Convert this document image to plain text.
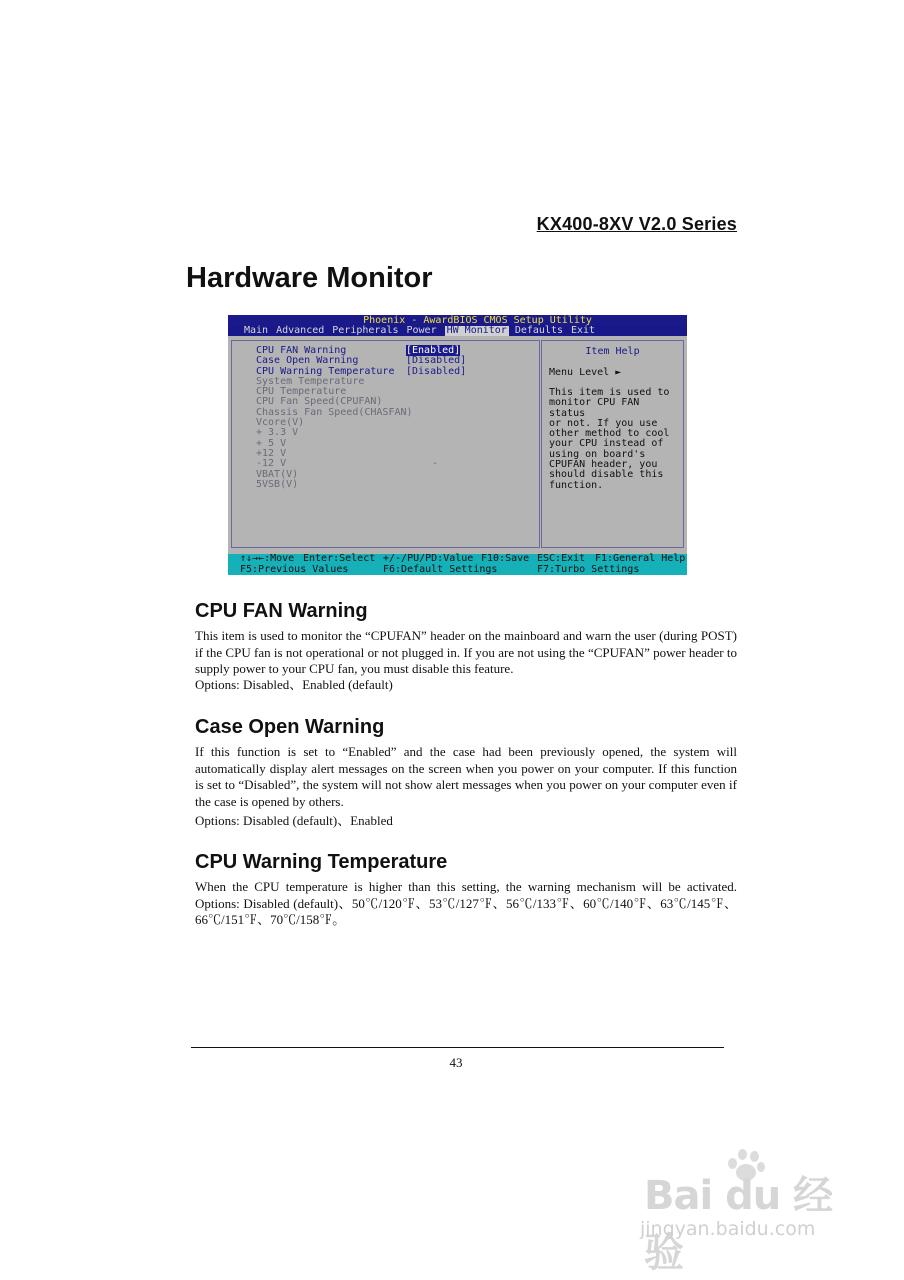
KX400-8XV V2.0 Series
Hardware Monitor
Phoenix - AwardBIOS CMOS Setup Utility
Main Advanced Peripherals Power HW Monitor Defaults Exit
CPU FAN Warning	[Enabled]
Case Open Warning	[Disabled]
CPU Warning Temperature [Disabled]
System Temperature
CPU Temperature
CPU Fan Speed(CPUFAN)
Chassis Fan Speed(CHASFAN)
Vcore(V)
+ 3.3 V
+ 5 V
+12 V
-12 V	-
VBAT(V)
5VSB(V)
Item Help
Menu Level ►
This item is used to
monitor CPU FAN status
or not. If you use
other method to cool
your CPU instead of
using on board's
CPUFAN header, you
should disable this
function.
↑↓→←:Move Enter:Select +/-/PU/PD:Value F10:Save ESC:Exit F1:General Help
F5:Previous Values	F6:Default Settings	F7:Turbo Settings
CPU FAN Warning

This item is used to monitor the “CPUFAN” header on the mainboard and warn the user (during POST) if the CPU fan is not operational or not plugged in. If you are not using the “CPUFAN” power header to supply power to your CPU fan, you must disable this feature.

Options: Disabled、Enabled (default)

Case Open Warning

If this function is set to “Enabled” and the case had been previously opened, the system will automatically display alert messages on the screen when you power on your computer. If this function is set to “Disabled”, the system will not show alert messages when you power on your computer even if the case is opened by others.

Options: Disabled (default)、Enabled

CPU Warning Temperature

When the CPU temperature is higher than this setting, the warning mechanism will be activated. Options: Disabled (default)、50℃/120℉、53℃/127℉、56℃/133℉、60℃/140℉、63℃/145℉、66℃/151℉、70℃/158℉。

43
Bai du 经验
jingyan.baidu.com
